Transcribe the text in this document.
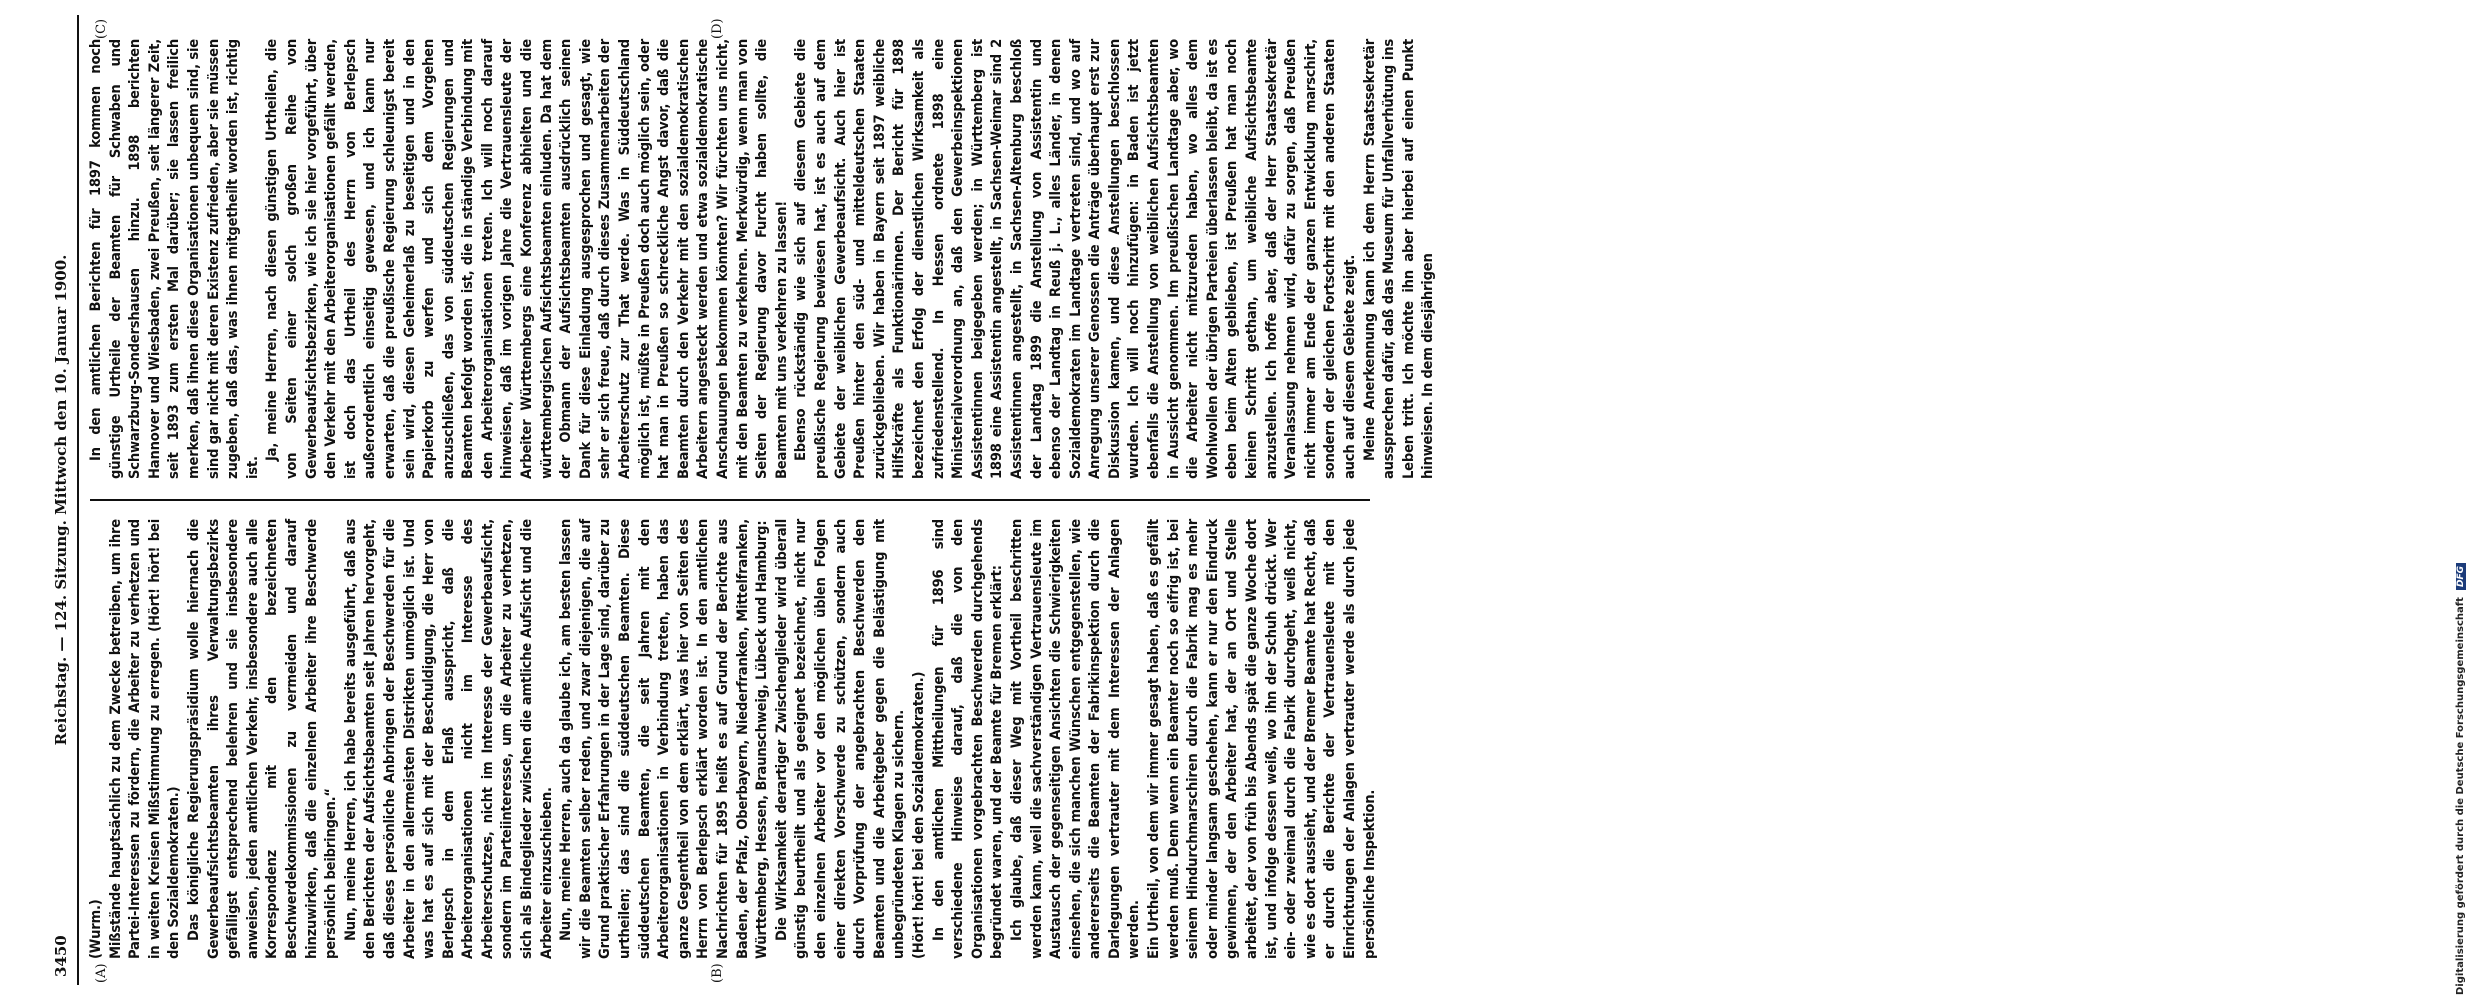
3450
Reichstag. — 124. Sitzung. Mittwoch den 10. Januar 1900.
(A)	(B)
(C)	(D)
(Wurm.) Mißstände hauptsächlich zu dem Zwecke betreiben, um ihre Partei-Interessen zu fördern, die Arbeiter zu verhetzen und in weiten Kreisen Mißstimmung zu erregen. (Hört! hört! bei den Sozialdemokraten.) Das königliche Regierungspräsidium wolle hiernach die Gewerbeaufsichtsbeamten ihres Verwaltungsbezirks gefälligst entsprechend belehren und sie insbesondere anweisen, jeden amtlichen Verkehr, insbesondere auch alle Korrespondenz mit den bezeichneten Beschwerdekommissionen zu vermeiden und darauf hinzuwirken, daß die einzelnen Arbeiter ihre Beschwerde persönlich beibringen.“ Nun, meine Herren, ich habe bereits ausgeführt, daß aus den Berichten der Aufsichtsbeamten seit Jahren hervorgeht, daß dieses persönliche Anbringen der Beschwerden für die Arbeiter in den allermeisten Distrikten unmöglich ist. Und was hat es auf sich mit der Beschuldigung, die Herr von Berlepsch in dem Erlaß ausspricht, daß die Arbeiterorganisationen nicht im Interesse des Arbeiterschutzes, nicht im Interesse der Gewerbeaufsicht, sondern im Parteiinteresse, um die Arbeiter zu verhetzen, sich als Bindeglieder zwischen die amtliche Aufsicht und die Arbeiter einzuschieben. Nun, meine Herren, auch da glaube ich, am besten lassen wir die Beamten selber reden, und zwar diejenigen, die auf Grund praktischer Erfahrungen in der Lage sind, darüber zu urtheilen; das sind die süddeutschen Beamten. Diese süddeutschen Beamten, die seit Jahren mit den Arbeiterorganisationen in Verbindung treten, haben das ganze Gegentheil von dem erklärt, was hier von Seiten des Herrn von Berlepsch erklärt worden ist. In den amtlichen Nachrichten für 1895 heißt es auf Grund der Berichte aus Baden, der Pfalz, Oberbayern, Niederfranken, Mittelfranken, Württemberg, Hessen, Braunschweig, Lübeck und Hamburg: Die Wirksamkeit derartiger Zwischenglieder wird überall günstig beurtheilt und als geeignet bezeichnet, nicht nur den einzelnen Arbeiter vor den möglichen üblen Folgen einer direkten Vorschwerde zu schützen, sondern auch durch Vorprüfung der angebrachten Beschwerden den Beamten und die Arbeitgeber gegen die Belästigung mit unbegründeten Klagen zu sichern. (Hört! hört! bei den Sozialdemokraten.) In den amtlichen Mittheilungen für 1896 sind verschiedene Hinweise darauf, daß die von den Organisationen vorgebrachten Beschwerden durchgehends begründet waren, und der Beamte für Bremen erklärt: Ich glaube, daß dieser Weg mit Vortheil beschritten werden kann, weil die sachverständigen Vertrauensleute im Austausch der gegenseitigen Ansichten die Schwierigkeiten einsehen, die sich manchen Wünschen entgegenstellen, wie andererseits die Beamten der Fabrikinspektion durch die Darlegungen vertrauter mit dem Interessen der Anlagen werden. Ein Urtheil, von dem wir immer gesagt haben, daß es gefällt werden muß. Denn wenn ein Beamter noch so eifrig ist, bei seinem Hindurchmarschiren durch die Fabrik mag es mehr oder minder langsam geschehen, kann er nur den Eindruck gewinnen, der den Arbeiter hat, der an Ort und Stelle arbeitet, der von früh bis Abends spät die ganze Woche dort ist, und infolge dessen weiß, wo ihn der Schuh drückt. Wer ein- oder zweimal durch die Fabrik durchgeht, weiß nicht, wie es dort aussieht, und der Bremer Beamte hat Recht, daß er durch die Berichte der Vertrauensleute mit den Einrichtungen der Anlagen vertrauter werde als durch jede persönliche Inspektion.

In den amtlichen Berichten für 1897 kommen noch günstige Urtheile der Beamten für Schwaben und Schwarzburg-Sondershausen hinzu. 1898 berichten Hannover und Wiesbaden, zwei Preußen, seit längerer Zeit, seit 1893 zum ersten Mal darüber; sie lassen freilich merken, daß ihnen diese Organisationen unbequem sind, sie sind gar nicht mit deren Existenz zufrieden, aber sie müssen zugeben, daß das, was ihnen mitgetheilt worden ist, richtig ist.

Ja, meine Herren, nach diesen günstigen Urtheilen, die von Seiten einer solch großen Reihe von Gewerbeaufsichtsbezirken, wie ich sie hier vorgeführt, über den Verkehr mit den Arbeiterorganisationen gefällt werden, ist doch das Urtheil des Herrn von Berlepsch außerordentlich einseitig gewesen, und ich kann nur erwarten, daß die preußische Regierung schleunigst bereit sein wird, diesen Geheimerlaß zu beseitigen und in den Papierkorb zu werfen und sich dem Vorgehen anzuschließen, das von süddeutschen Regierungen und Beamten befolgt worden ist, die in ständige Verbindung mit den Arbeiterorganisationen treten. Ich will noch darauf hinweisen, daß im vorigen Jahre die Vertrauensleute der Arbeiter Württembergs eine Konferenz abhielten und die württembergischen Aufsichtsbeamten einluden. Da hat dem der Obmann der Aufsichtsbeamten ausdrücklich seinen Dank für diese Einladung ausgesprochen und gesagt, wie sehr er sich freue, daß durch dieses Zusammenarbeiten der Arbeiterschutz zur That werde. Was in Süddeutschland möglich ist, müßte in Preußen doch auch möglich sein, oder hat man in Preußen so schreckliche Angst davor, daß die Beamten durch den Verkehr mit den sozialdemokratischen Arbeitern angesteckt werden und etwa sozialdemokratische Anschauungen bekommen könnten? Wir fürchten uns nicht, mit den Beamten zu verkehren. Merkwürdig, wenn man von Seiten der Regierung davor Furcht haben sollte, die Beamten mit uns verkehren zu lassen! Ebenso rückständig wie sich auf diesem Gebiete die preußische Regierung bewiesen hat, ist es auch auf dem Gebiete der weiblichen Gewerbeaufsicht. Auch hier ist Preußen hinter den süd- und mitteldeutschen Staaten zurückgeblieben. Wir haben in Bayern seit 1897 weibliche Hilfskräfte als Funktionärinnen. Der Bericht für 1898 bezeichnet den Erfolg der dienstlichen Wirksamkeit als zufriedenstellend. In Hessen ordnete 1898 eine Ministerialverordnung an, daß den Gewerbeinspektionen Assistentinnen beigegeben werden; in Württemberg ist 1898 eine Assistentin angestellt, in Sachsen-Weimar sind 2 Assistentinnen angestellt, in Sachsen-Altenburg beschloß der Landtag 1899 die Anstellung von Assistentin und ebenso der Landtag in Reuß j. L., alles Länder, in denen Sozialdemokraten im Landtage vertreten sind, und wo auf Anregung unserer Genossen die Anträge überhaupt erst zur Diskussion kamen, und diese Anstellungen beschlossen wurden. Ich will noch hinzufügen: in Baden ist jetzt ebenfalls die Anstellung von weiblichen Aufsichtsbeamten in Aussicht genommen. Im preußischen Landtage aber, wo die Arbeiter nicht mitzureden haben, wo alles dem Wohlwollen der übrigen Parteien überlassen bleibt, da ist es eben beim Alten geblieben, ist Preußen hat man noch keinen Schritt gethan, um weibliche Aufsichtsbeamte anzustellen. Ich hoffe aber, daß der Herr Staatssekretär Veranlassung nehmen wird, dafür zu sorgen, daß Preußen nicht immer am Ende der ganzen Entwicklung marschirt, sondern der gleichen Fortschritt mit den anderen Staaten auch auf diesem Gebiete zeigt. Meine Anerkennung kann ich dem Herrn Staatssekretär aussprechen dafür, daß das Museum für Unfallverhütung ins Leben tritt. Ich möchte ihn aber hierbei auf einen Punkt hinweisen. In dem diesjährigen

Digitalisierung gefördert durch die Deutsche Forschungsgemeinschaft DFG
